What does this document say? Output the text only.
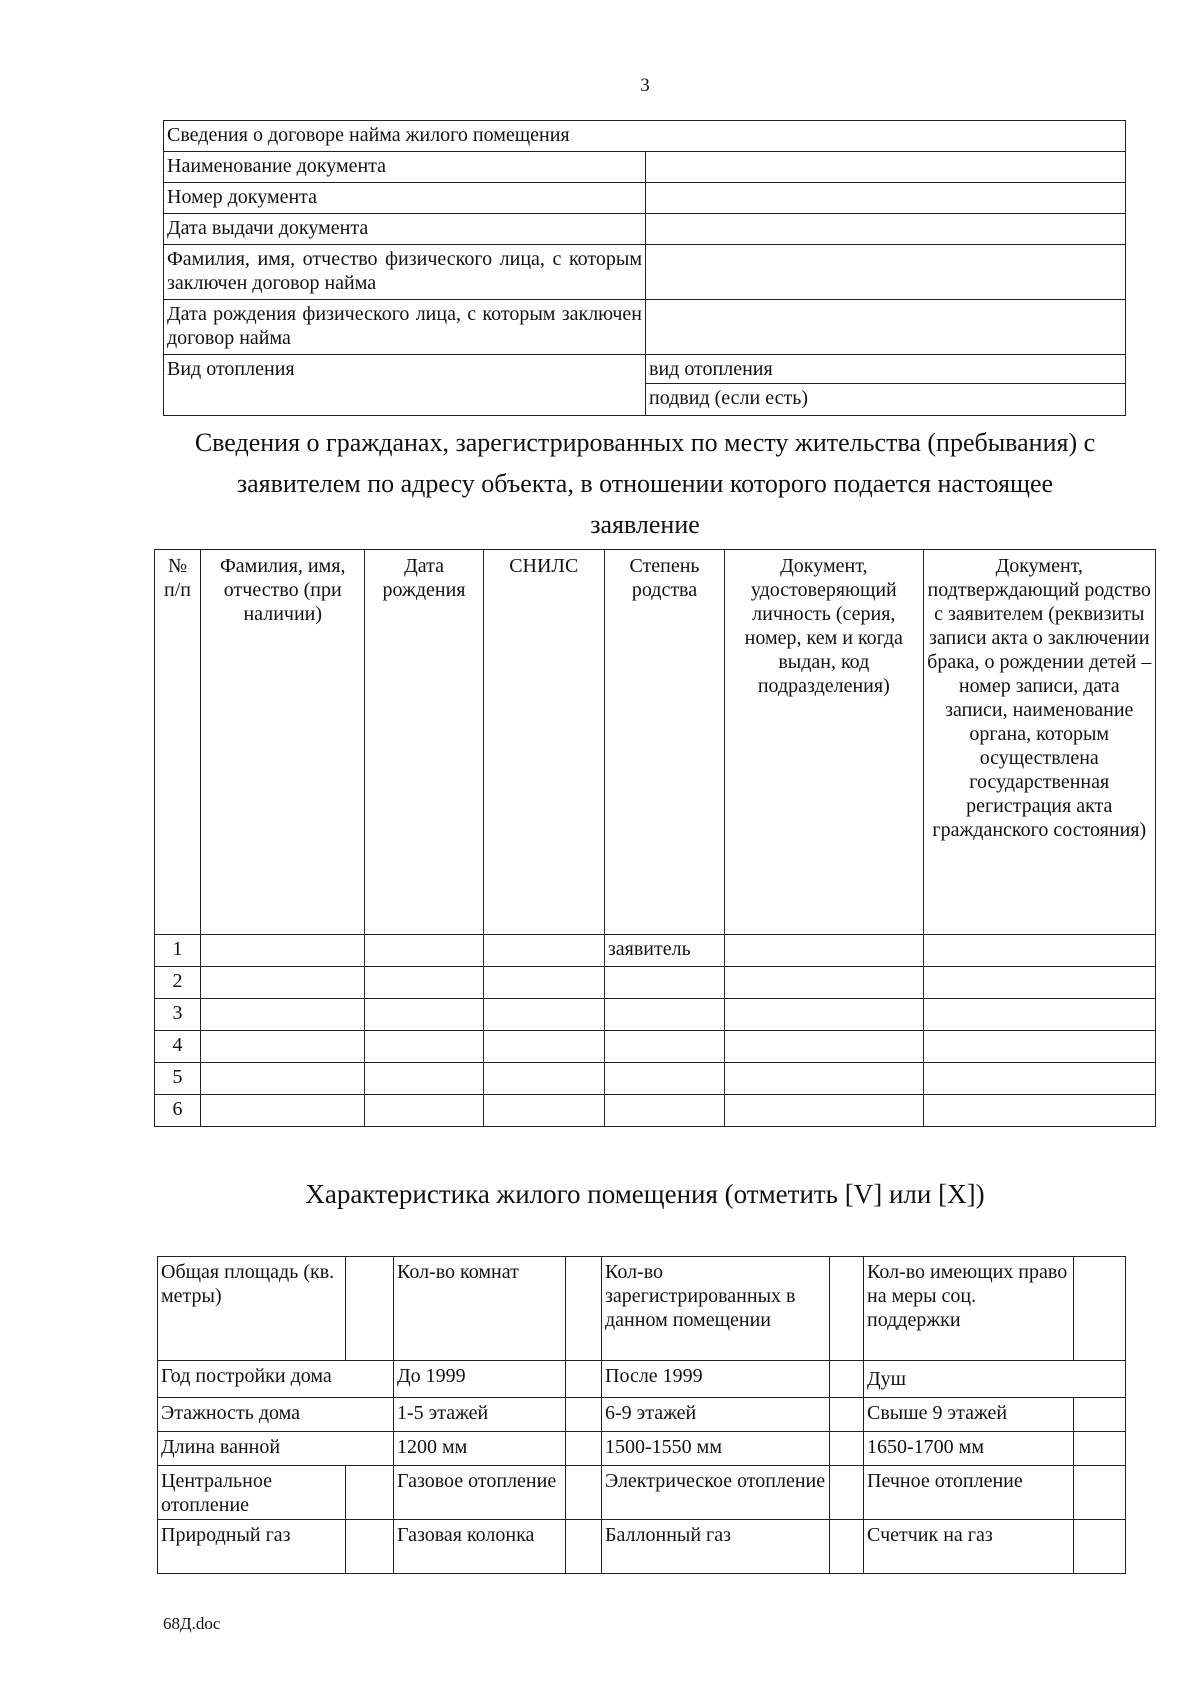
3
Сведения о договоре найма жилого помещения	
Наименование документа	
Номер документа	
Дата выдачи документа	
Фамилия, имя, отчество физического лица, с которым заключен договор найма	
Дата рождения физического лица, с которым заключен договор найма	
Вид отопления	вид отопления
подвид (если есть)
Сведения о гражданах, зарегистрированных по месту жительства (пребывания) с заявителем по адресу объекта, в отношении которого подается настоящее заявление
№ п/п	Фамилия, имя, отчество (при наличии)	Дата рождения	СНИЛС	Степень родства	Документ, удостоверяющий личность (серия, номер, кем и когда выдан, код подразделения)	Документ, подтверждающий родство с заявителем (реквизиты записи акта о заключении брака, о рождении детей – номер записи, дата записи, наименование органа, которым осуществлена государственная регистрация акта гражданского состояния)
1				заявитель		
2						
3						
4						
5						
6						
Характеристика жилого помещения (отметить [V] или [X])
Общая площадь (кв. метры)		Кол-во комнат		Кол-во зарегистрированных в данном помещении		Кол-во имеющих право на меры соц. поддержки	
Год постройки дома		До 1999		После 1999		Душ	
Этажность дома		1-5 этажей		6-9 этажей		Свыше 9 этажей	
Длина ванной		1200 мм		1500-1550 мм		1650-1700 мм	
Центральное отопление		Газовое отопление		Электрическое отопление		Печное отопление	
Природный газ		Газовая колонка		Баллонный газ		Счетчик на газ	
68Д.doc
